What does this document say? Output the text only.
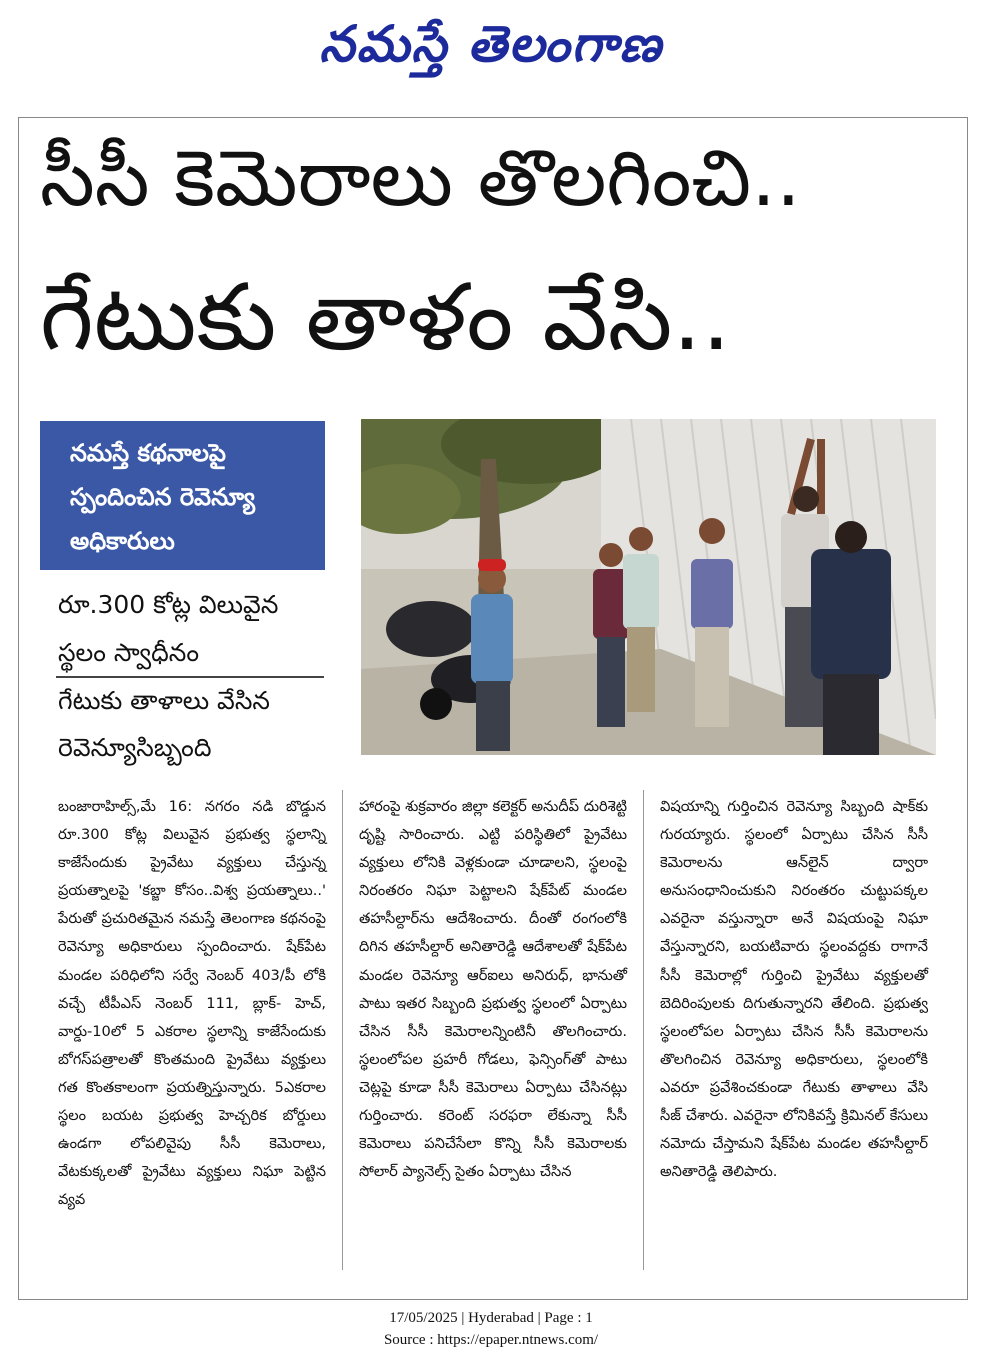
నమస్తే తెలంగాణ
సీసీ కెమెరాలు తొలగించి..
గేటుకు తాళం వేసి..
నమస్తే కథనాలపై
స్పందించిన రెవెన్యూ
అధికారులు
రూ.300 కోట్ల విలువైన
స్థలం స్వాధీనం
గేటుకు తాళాలు వేసిన
రెవెన్యూసిబ్బంది
బంజారాహిల్స్,మే 16: నగరం నడి బొడ్డున రూ.300 కోట్ల విలువైన ప్రభుత్వ స్థలాన్ని కాజేసేందుకు ప్రైవేటు వ్యక్తులు చేస్తున్న ప్రయత్నాలపై 'కబ్జా కోసం..విశ్వ ప్రయత్నాలు..' పేరుతో ప్రచురితమైన నమస్తే తెలంగాణ కథనంపై రెవెన్యూ అధికారులు స్పందించారు. షేక్‌పేట మండల పరిధిలోని సర్వే నెంబర్ 403/పీ లోకి వచ్చే టీపీఎస్ నెంబర్ 111, బ్లాక్- హెచ్, వార్డు-10లో 5 ఎకరాల స్థలాన్ని కాజేసేందుకు బోగస్‌పత్రాలతో కొంతమంది ప్రైవేటు వ్యక్తులు గత కొంతకాలంగా ప్రయత్నిస్తున్నారు. 5ఎకరాల స్థలం బయట ప్రభుత్వ హెచ్చరిక బోర్డులు ఉండగా లోపలివైపు సీసీ కెమెరాలు, వేటకుక్కలతో ప్రైవేటు వ్యక్తులు నిఘా పెట్టిన వ్యవ
హారంపై శుక్రవారం జిల్లా కలెక్టర్ అనుదీప్ దురిశెట్టి దృష్టి సారించారు. ఎట్టి పరిస్థితిలో ప్రైవేటు వ్యక్తులు లోనికి వెళ్లకుండా చూడాలని, స్థలంపై నిరంతరం నిఘా పెట్టాలని షేక్‌పేట్ మండల తహసీల్దార్‌ను ఆదేశించారు. దీంతో రంగంలోకి దిగిన తహసీల్దార్ అనితారెడ్డి ఆదేశాలతో షేక్‌పేట మండల రెవెన్యూ ఆర్ఐలు అనిరుధ్, భానుతో పాటు ఇతర సిబ్బంది ప్రభుత్వ స్థలంలో ఏర్పాటు చేసిన సీసీ కెమెరాలన్నింటినీ తొలగించారు. స్థలంలోపల ప్రహరీ గోడలు, ఫెన్సింగ్‌తో పాటు చెట్లపై కూడా సీసీ కెమెరాలు ఏర్పాటు చేసినట్లు గుర్తించారు. కరెంట్ సరఫరా లేకున్నా సీసీ కెమెరాలు పనిచేసేలా కొన్ని సీసీ కెమెరాలకు సోలార్ ప్యానెల్స్ సైతం ఏర్పాటు చేసిన
విషయాన్ని గుర్తించిన రెవెన్యూ సిబ్బంది షాక్‌కు గురయ్యారు. స్థలంలో ఏర్పాటు చేసిన సీసీ కెమెరాలను ఆన్‌లైన్ ద్వారా అనుసంధానించుకుని నిరంతరం చుట్టుపక్కల ఎవరైనా వస్తున్నారా అనే విషయంపై నిఘా వేస్తున్నారని, బయటివారు స్థలంవద్దకు రాగానే సీసీ కెమెరాల్లో గుర్తించి ప్రైవేటు వ్యక్తులతో బెదిరింపులకు దిగుతున్నారని తేలింది. ప్రభుత్వ స్థలంలోపల ఏర్పాటు చేసిన సీసీ కెమెరాలను తొలగించిన రెవెన్యూ అధికారులు, స్థలంలోకి ఎవరూ ప్రవేశించకుండా గేటుకు తాళాలు వేసి సీజ్ చేశారు. ఎవరైనా లోనికివస్తే క్రిమినల్ కేసులు నమోదు చేస్తామని షేక్‌పేట మండల తహసీల్దార్ అనితారెడ్డి తెలిపారు.
17/05/2025 | Hyderabad | Page : 1
Source : https://epaper.ntnews.com/
